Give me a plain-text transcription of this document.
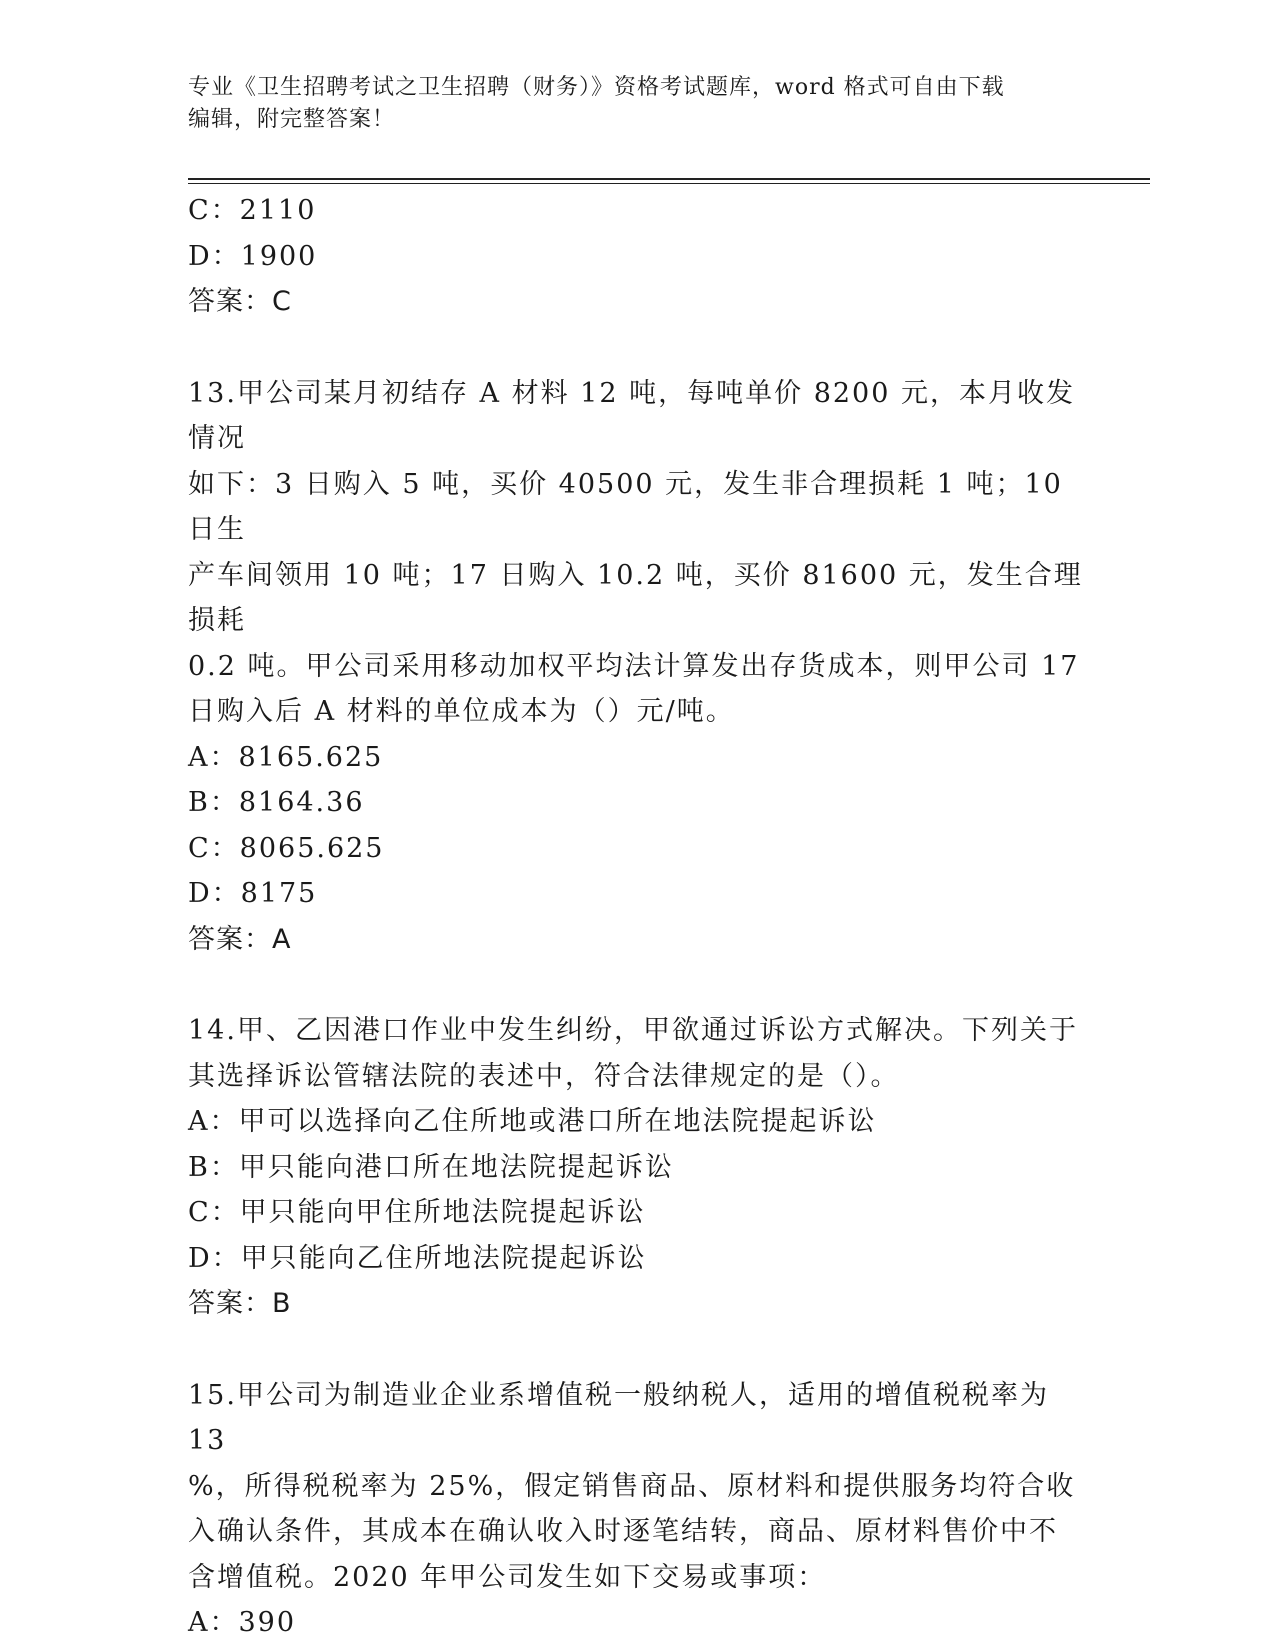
专业《卫生招聘考试之卫生招聘（财务）》资格考试题库，word 格式可自由下载
编辑，附完整答案！
C：2110
D：1900
答案：C
13.甲公司某月初结存 A 材料 12 吨，每吨单价 8200 元，本月收发情况
如下：3 日购入 5 吨，买价 40500 元，发生非合理损耗 1 吨；10 日生
产车间领用 10 吨；17 日购入 10.2 吨，买价 81600 元，发生合理损耗
0.2 吨。甲公司采用移动加权平均法计算发出存货成本，则甲公司 17
日购入后 A 材料的单位成本为（）元/吨。
A：8165.625
B：8164.36
C：8065.625
D：8175
答案：A
14.甲、乙因港口作业中发生纠纷，甲欲通过诉讼方式解决。下列关于
其选择诉讼管辖法院的表述中，符合法律规定的是（）。
A：甲可以选择向乙住所地或港口所在地法院提起诉讼
B：甲只能向港口所在地法院提起诉讼
C：甲只能向甲住所地法院提起诉讼
D：甲只能向乙住所地法院提起诉讼
答案：B
15.甲公司为制造业企业系增值税一般纳税人，适用的增值税税率为 13
%，所得税税率为 25%，假定销售商品、原材料和提供服务均符合收
入确认条件，其成本在确认收入时逐笔结转，商品、原材料售价中不
含增值税。2020 年甲公司发生如下交易或事项：
A：390
